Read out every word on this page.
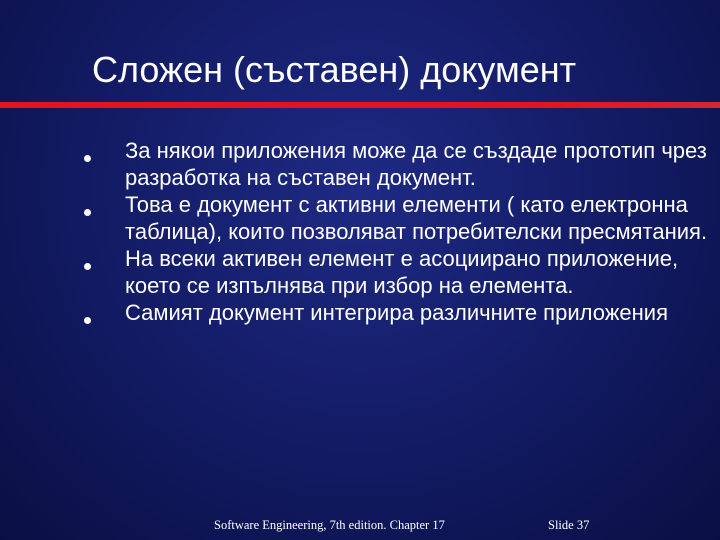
Сложен (съставен) документ
За някои приложения може да се създаде прототип чрез разработка на съставен документ.
Това е документ с активни елементи ( като електронна таблица), които позволяват потребителски пресмятания.
На всеки активен елемент е асоциирано приложение, което се изпълнява при избор на елемента.
Самият документ интегрира различните приложения
Software Engineering, 7th edition. Chapter 17	Slide 37
